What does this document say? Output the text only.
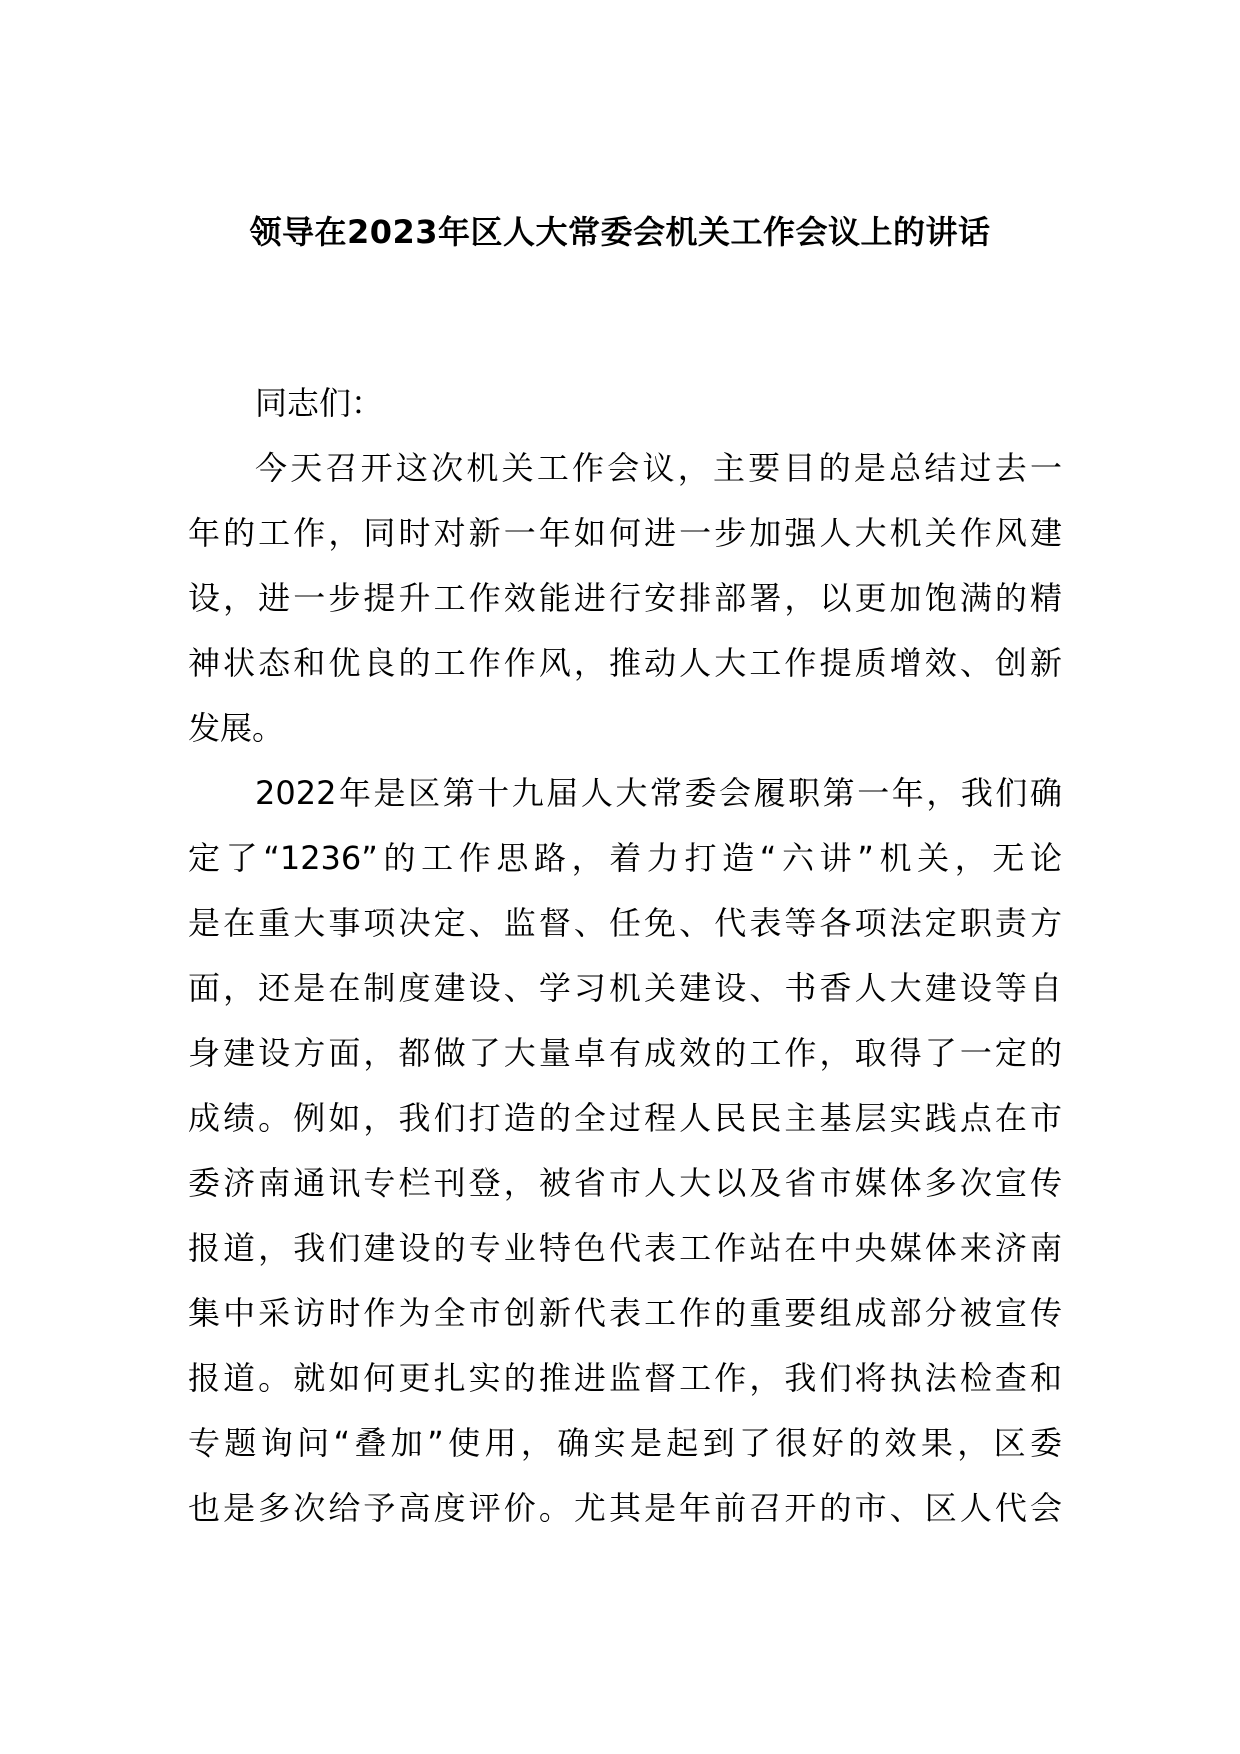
领导在2023年区人大常委会机关工作会议上的讲话
同志们：
今天召开这次机关工作会议，主要目的是总结过去一
年的工作，同时对新一年如何进一步加强人大机关作风建
设，进一步提升工作效能进行安排部署，以更加饱满的精
神状态和优良的工作作风，推动人大工作提质增效、创新
发展。
2022年是区第十九届人大常委会履职第一年，我们确
定了“1236”的工作思路，着力打造“六讲”机关，无论
是在重大事项决定、监督、任免、代表等各项法定职责方
面，还是在制度建设、学习机关建设、书香人大建设等自
身建设方面，都做了大量卓有成效的工作，取得了一定的
成绩。例如，我们打造的全过程人民民主基层实践点在市
委济南通讯专栏刊登，被省市人大以及省市媒体多次宣传
报道，我们建设的专业特色代表工作站在中央媒体来济南
集中采访时作为全市创新代表工作的重要组成部分被宣传
报道。就如何更扎实的推进监督工作，我们将执法检查和
专题询问“叠加”使用，确实是起到了很好的效果，区委
也是多次给予高度评价。尤其是年前召开的市、区人代会
